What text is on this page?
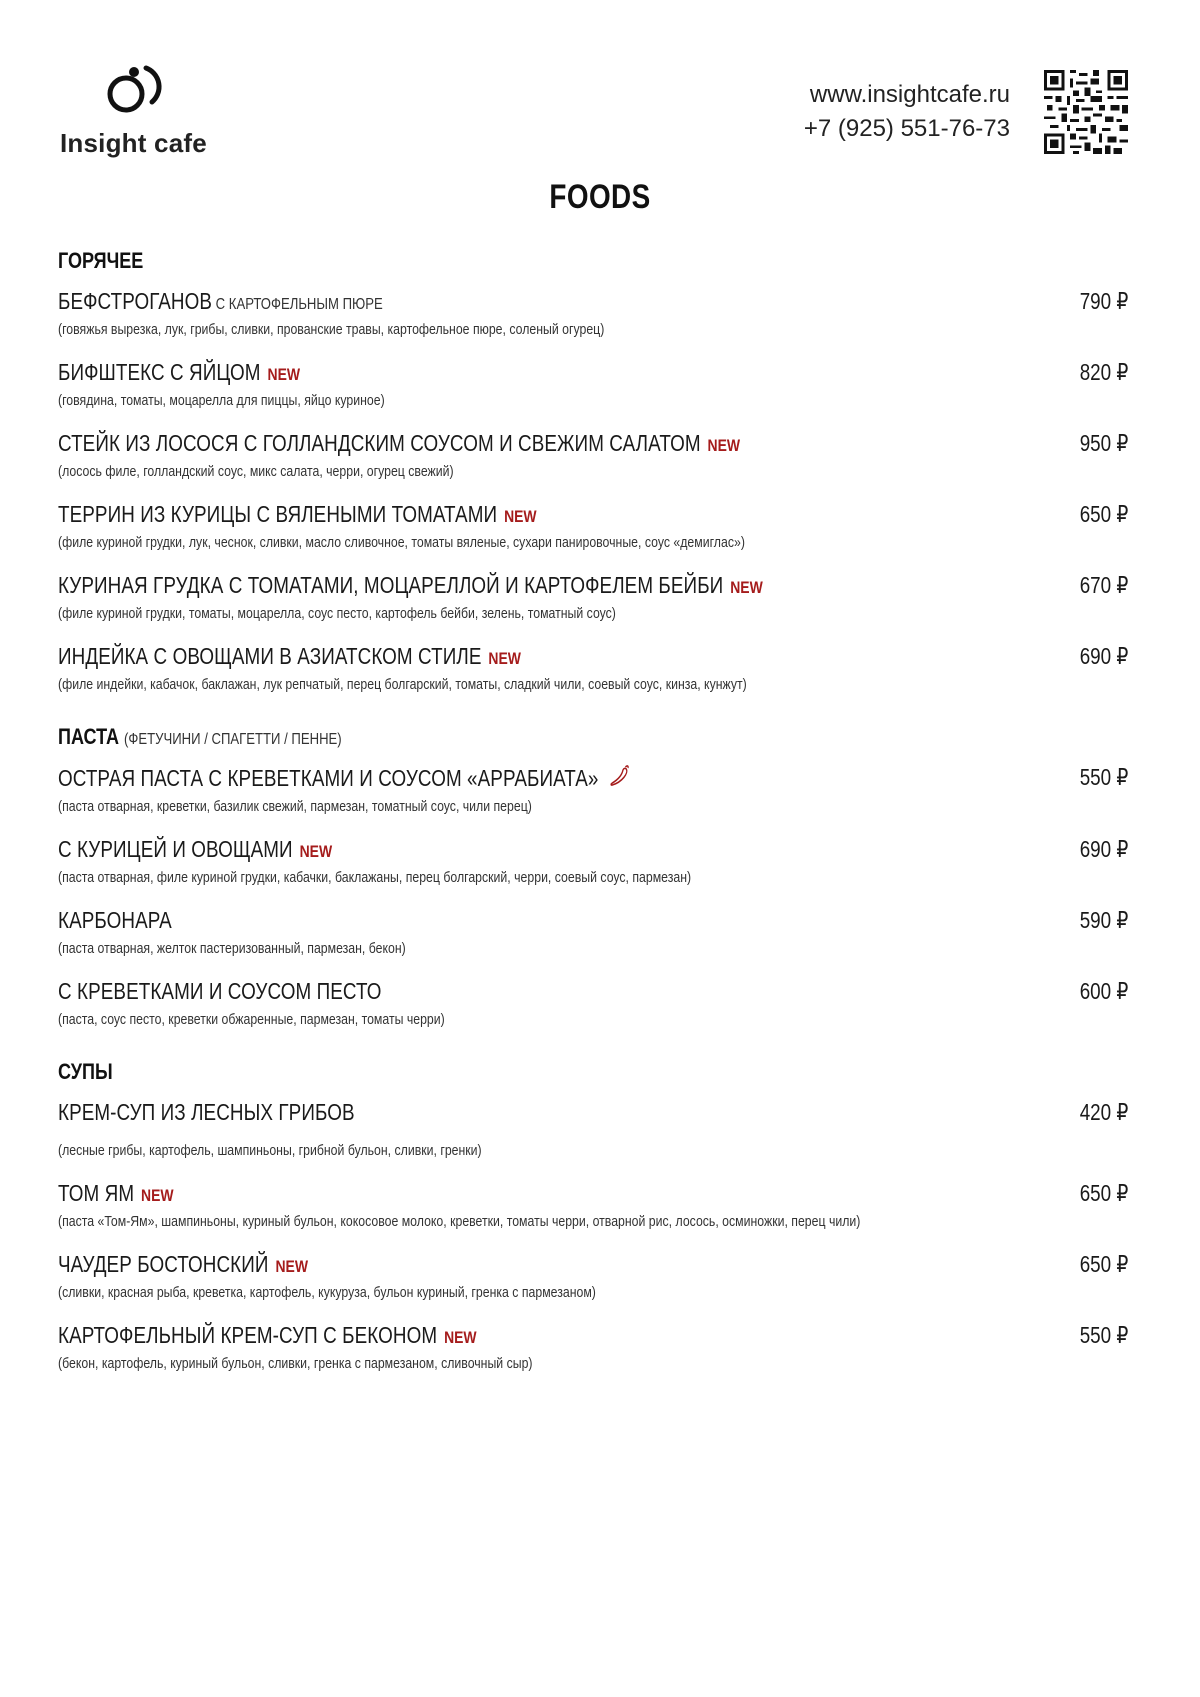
Insight cafe
www.insightcafe.ru
+7 (925) 551-76-73
FOODS
ГОРЯЧЕЕ
БЕФСТРОГАНОВ С КАРТОФЕЛЬНЫМ ПЮРЕ
(говяжья вырезка, лук, грибы, сливки, прованские травы, картофельное пюре, соленый огурец)
790 ₽
БИФШТЕКС С ЯЙЦОМ NEW
(говядина, томаты, моцарелла для пиццы, яйцо куриное)
820 ₽
СТЕЙК ИЗ ЛОСОСЯ С ГОЛЛАНДСКИМ СОУСОМ И СВЕЖИМ САЛАТОМ NEW
(лосось филе, голландский соус, микс салата, черри, огурец свежий)
950 ₽
ТЕРРИН ИЗ КУРИЦЫ С ВЯЛЕНЫМИ ТОМАТАМИ NEW
(филе куриной грудки, лук, чеснок, сливки, масло сливочное, томаты вяленые, сухари панировочные, соус «демиглас»)
650 ₽
КУРИНАЯ ГРУДКА С ТОМАТАМИ, МОЦАРЕЛЛОЙ И КАРТОФЕЛЕМ БЕЙБИ NEW
(филе куриной грудки, томаты, моцарелла, соус песто, картофель бейби, зелень, томатный соус)
670 ₽
ИНДЕЙКА С ОВОЩАМИ В АЗИАТСКОМ СТИЛЕ NEW
(филе индейки, кабачок, баклажан, лук репчатый, перец болгарский, томаты, сладкий чили, соевый соус, кинза, кунжут)
690 ₽
ПАСТА (ФЕТУЧИНИ / СПАГЕТТИ / ПЕННЕ)
ОСТРАЯ ПАСТА С КРЕВЕТКАМИ И СОУСОМ «АРРАБИАТА»
(паста отварная, креветки, базилик свежий, пармезан, томатный соус, чили перец)
550 ₽
С КУРИЦЕЙ И ОВОЩАМИ NEW
(паста отварная, филе куриной грудки, кабачки, баклажаны, перец болгарский, черри, соевый соус, пармезан)
690 ₽
КАРБОНАРА
(паста отварная, желток пастеризованный, пармезан, бекон)
590 ₽
С КРЕВЕТКАМИ И СОУСОМ ПЕСТО
(паста, соус песто, креветки обжаренные, пармезан, томаты черри)
600 ₽
СУПЫ
КРЕМ-СУП ИЗ ЛЕСНЫХ ГРИБОВ
(лесные грибы, картофель, шампиньоны, грибной бульон, сливки, гренки)
420 ₽
ТОМ ЯМ NEW
(паста «Том-Ям», шампиньоны, куриный бульон, кокосовое молоко, креветки, томаты черри, отварной рис, лосось, осминожки, перец чили)
650 ₽
ЧАУДЕР БОСТОНСКИЙ NEW
(сливки, красная рыба, креветка, картофель, кукуруза, бульон куриный, гренка с пармезаном)
650 ₽
КАРТОФЕЛЬНЫЙ КРЕМ-СУП С БЕКОНОМ NEW
(бекон, картофель, куриный бульон, сливки, гренка с пармезаном, сливочный сыр)
550 ₽
